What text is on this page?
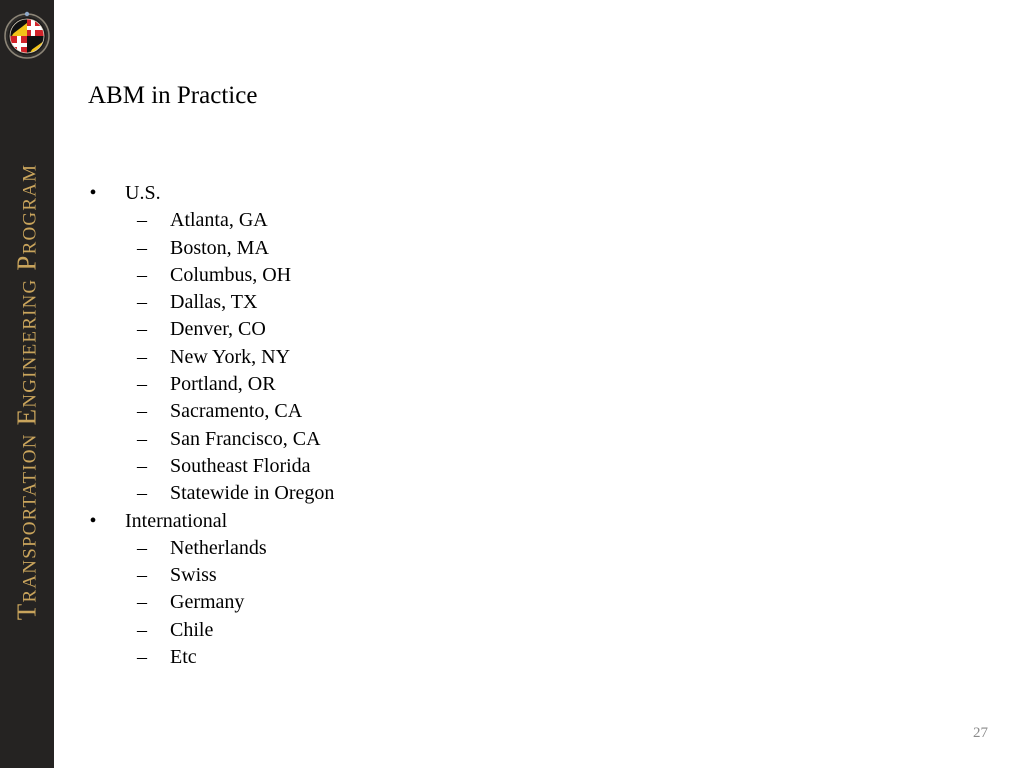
Transportation Engineering Program
ABM in Practice
• U.S.
– Atlanta, GA
– Boston, MA
– Columbus, OH
– Dallas, TX
– Denver, CO
– New York, NY
– Portland, OR
– Sacramento, CA
– San Francisco, CA
– Southeast Florida
– Statewide in Oregon
• International
– Netherlands
– Swiss
– Germany
– Chile
– Etc
27
